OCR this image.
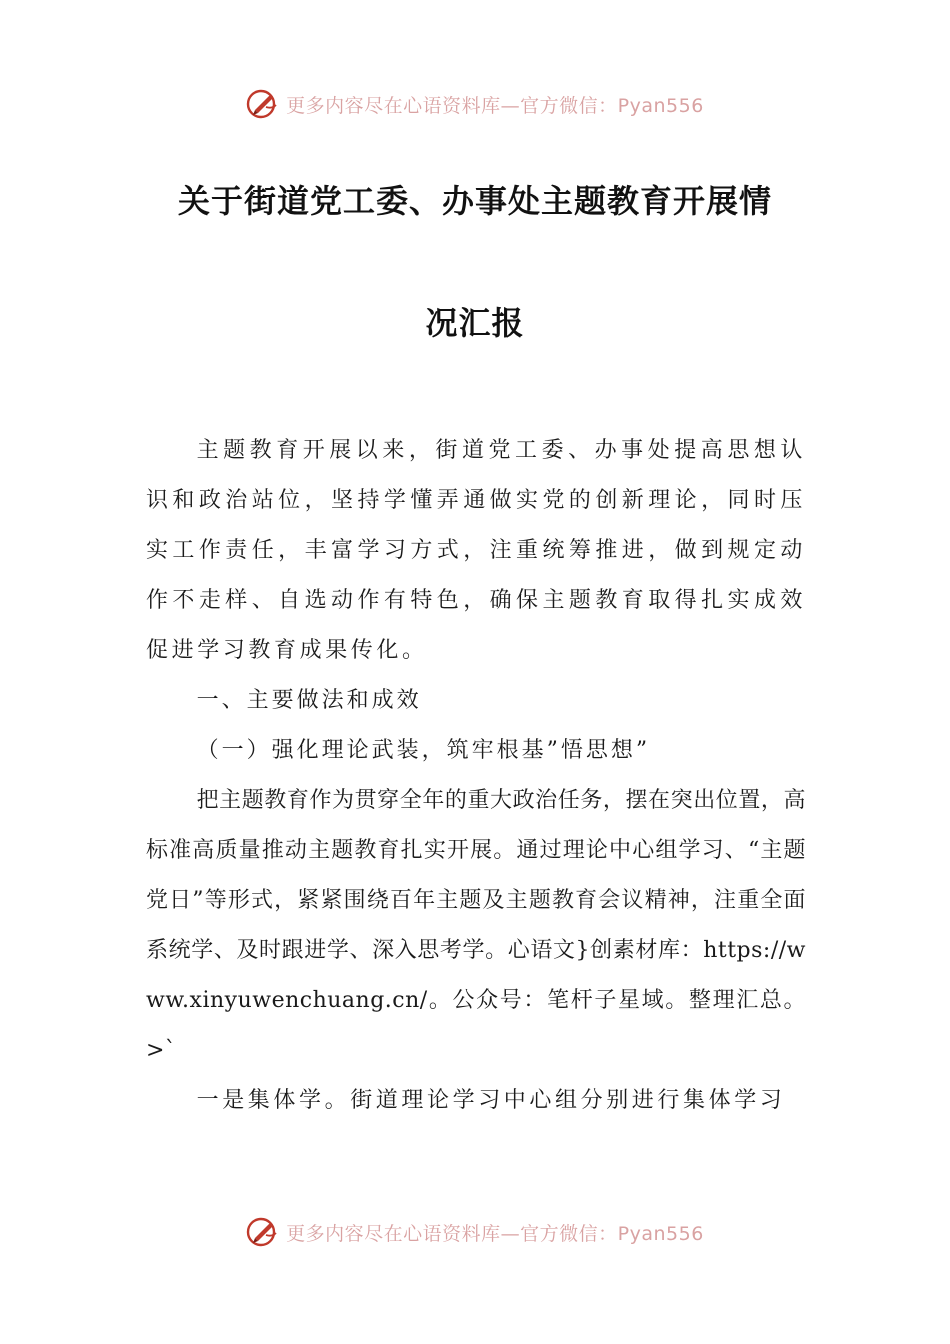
更多内容尽在心语资料库—官方微信：Pyan556
关于街道党工委、办事处主题教育开展情
况汇报

主题教育开展以来，街道党工委、办事处提高思想认识和政治站位，坚持学懂弄通做实党的创新理论，同时压实工作责任，丰富学习方式，注重统筹推进，做到规定动作不走样、自选动作有特色，确保主题教育取得扎实成效促进学习教育成果传化。

一、主要做法和成效

（一）强化理论武装，筑牢根基”悟思想”

把主题教育作为贯穿全年的重大政治任务，摆在突出位置，高标准高质量推动主题教育扎实开展。通过理论中心组学习、“主题党日”等形式，紧紧围绕百年主题及主题教育会议精神，注重全面系统学、及时跟进学、深入思考学。心语文}创素材库：https://www.xinyuwenchuang.cn/。公众号：笔杆子星域。整理汇总。>`

一是集体学。街道理论学习中心组分别进行集体学习

更多内容尽在心语资料库—官方微信：Pyan556
